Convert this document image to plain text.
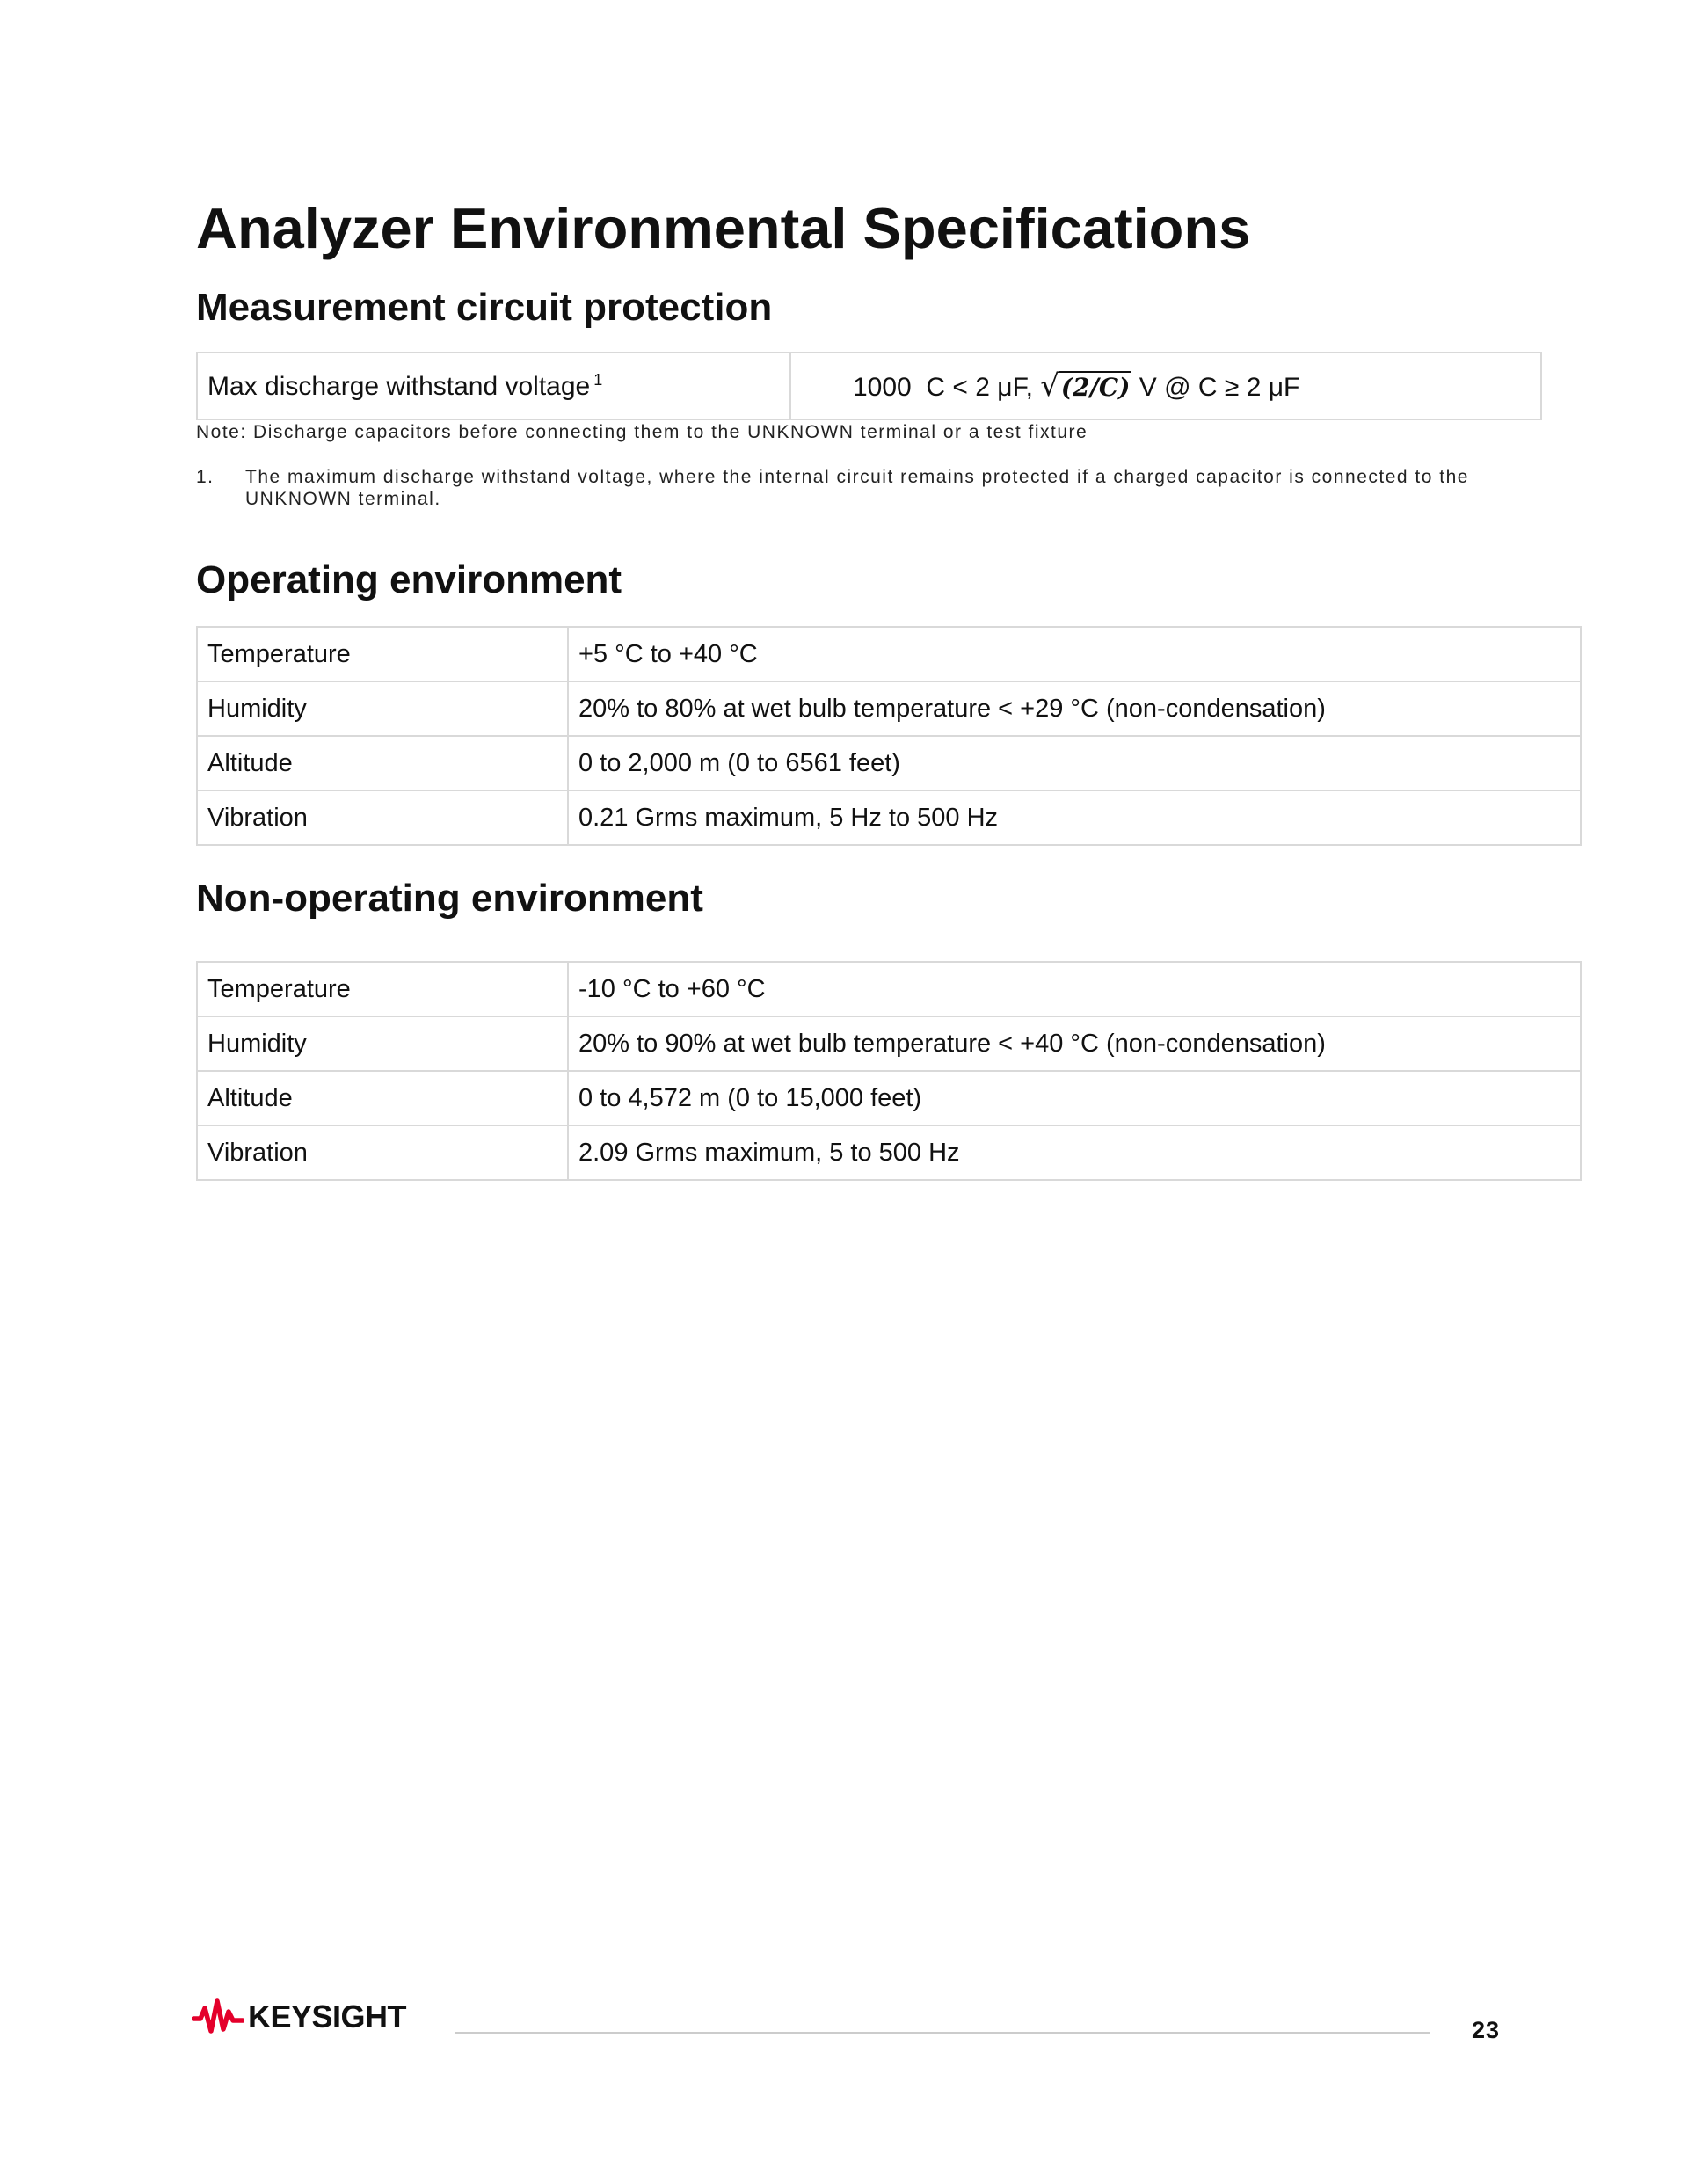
Analyzer Environmental Specifications
Measurement circuit protection
Max discharge withstand voltage $^1$	1000  C < 2 μF, √(2/C) V @ C ≥ 2 μF

Note: Discharge capacitors before connecting them to the UNKNOWN terminal or a test fixture

1.	The maximum discharge withstand voltage, where the internal circuit remains protected if a charged capacitor is connected to the UNKNOWN terminal.
Operating environment
Temperature	+5 °C to +40 °C
Humidity	20% to 80% at wet bulb temperature < +29 °C (non-condensation)
Altitude	0 to 2,000 m (0 to 6561 feet)
Vibration	0.21 Grms maximum, 5 Hz to 500 Hz
Non-operating environment
Temperature	-10 °C to +60 °C
Humidity	20% to 90% at wet bulb temperature < +40 °C (non-condensation)
Altitude	0 to 4,572 m (0 to 15,000 feet)
Vibration	2.09 Grms maximum, 5 to 500 Hz
KEYSIGHT	23
